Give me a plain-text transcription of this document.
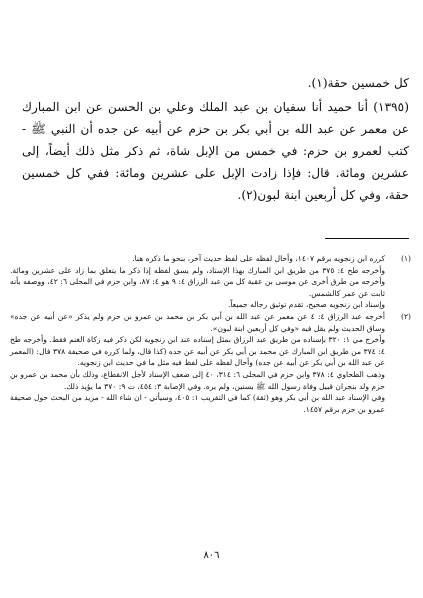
كل خمسين حقة(١).

(١٣٩٥) أنا حميد أنا سفيان بن عبد الملك وعلي بن الحسن عن ابن المبارك عن معمر عن عبد الله بن أبي بكر بن حزم عن أبيه عن جده أن النبي ﷺ - كتب لعمرو بن حزم: في خمس من الإبل شاة، ثم ذكر مثل ذلك أيضاً، إلى عشرين ومائة. قال: فإذا زادت الإبل على عشرين ومائة: ففي كل خمسين حقة، وفي كل أربعين ابنة لبون(٢).

(١)

كرره ابن زنجويه برقم ١٤٠٧، وأحال لفظه على لفظ حديث آخر، بنحو ما ذكره هنا.

وأخرجه طح ٤: ٣٧٥ من طريق ابن المبارك بهذا الإسناد، ولم يسق لفظه إذا ذكر ما يتعلق بما زاد على عشرين ومائة. وأخرجه من طرق أخرى عن موسى بن عقبة كل من عبد الرزاق ٤: ٩ هو ٤: ٨٧، وابن حزم في المحلى ٦: ٤٢، ووصفه بأنه ثابت عن عمر كالشمس.

وإسناد ابن زنجويه صحيح، تقدم توثيق رجاله جميعاً.

(٢)

أخرجه عبد الرزاق ٤: ٤ عن معمر عن عبد الله بن أبي بكر بن محمد بن عمرو بن حزم ولم يذكر «عن أبيه عن جده» وساق الحديث ولم يقل فيه «وفي كل أربعين ابنة لبون».

وأخرج مي ١: ٣٢٠ بإسناده من طريق عبد الرزاق بمثل إسناده عند ابن زنجويه لكن ذكر فيه زكاة الغنم فقط. وأخرجه طح ٤: ٣٧٤ من طريق ابن المبارك عن محمد بن أبي بكر عن أبيه عن جده (كذا قال، ولما كرره في صحيفة ٣٧٨ قال: (المعمر عن عبد الله بن أبي بكر عن أبيه عن جده) وأحال لفظه على لفظ فيه مثل ما في حديث ابن زنجويه.

وذهب الطحاوي ٤: ٣٧٨ وابن حزم في المحلى ٦: ٣١٤، ٤٠ إلى ضعف الإسناد لأجل الانقطاع، وذلك بأن محمد بن عمرو بن حزم ولد بنجران قبيل وفاة رسول الله ﷺ بسنين، ولم يره. وفي الإصابة ٣: ٤٥٤، ت ٩: ٣٧٠ ما يؤيد ذلك.

وفي الإسناد عبد الله بن أبي بكر وهو (ثقة) كما في التقريب ١: ٤٠٥، وسيأتي - ان شاء الله - مزيد من البحث حول صحيفة عمرو بن حزم برقم ١٤٥٧.

٨٠٦
